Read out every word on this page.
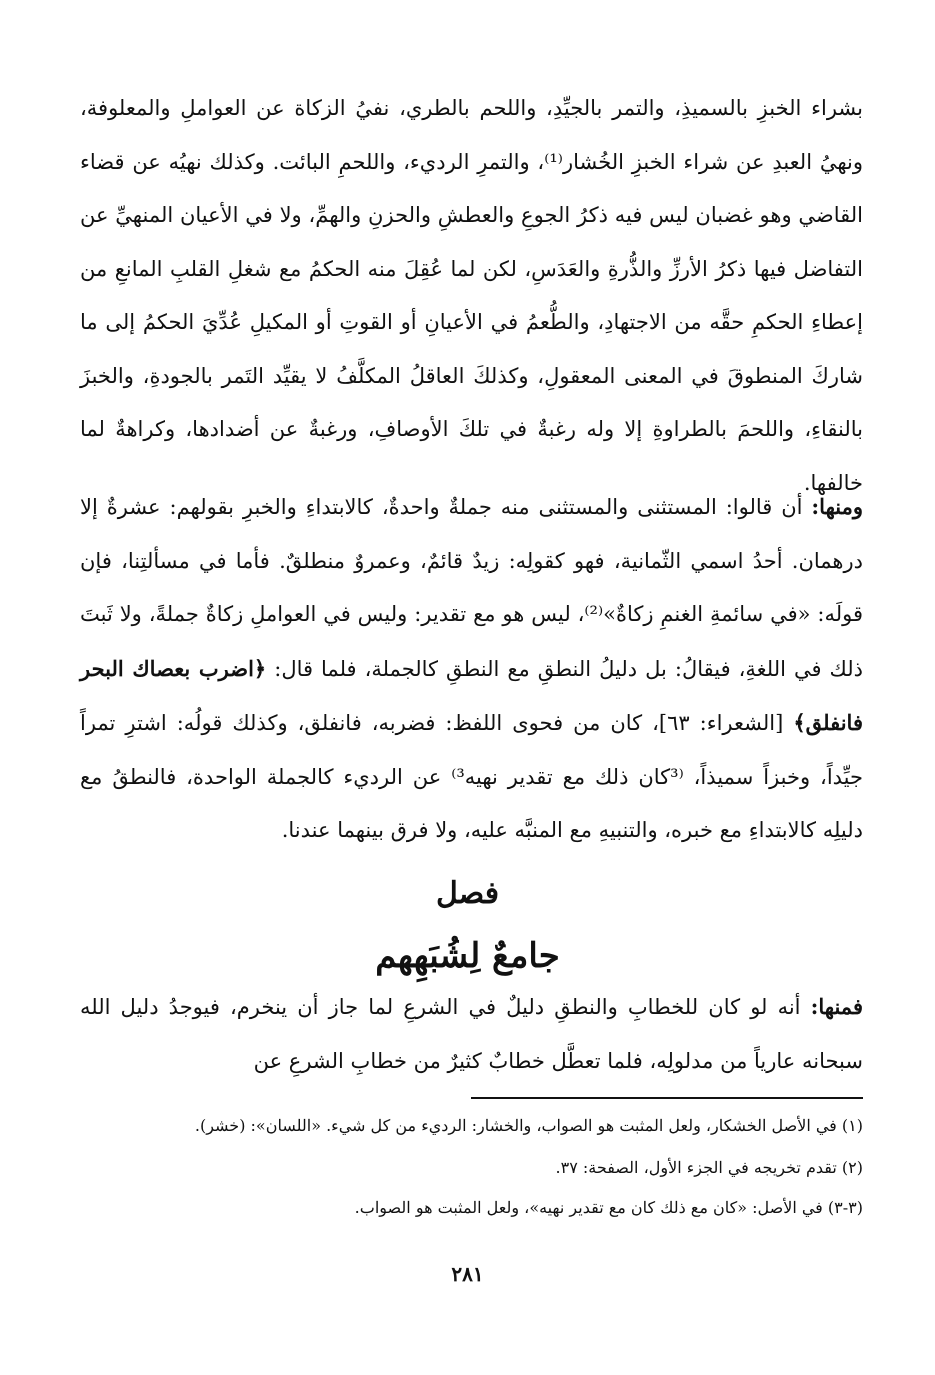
بشراء الخبزِ بالسميذِ، والتمر بالجيِّدِ، واللحم بالطري، نفيُ الزكاة عن العواملِ والمعلوفة، ونهيُ العبدِ عن شراء الخبزِ الخُشار⁽¹⁾، والتمرِ الرديء، واللحمِ البائت. وكذلك نهيُه عن قضاء القاضي وهو غضبان ليس فيه ذكرُ الجوعِ والعطشِ والحزنِ والهمِّ، ولا في الأعيان المنهيِّ عن التفاضل فيها ذكرُ الأرزِّ والذُّرةِ والعَدَسِ، لكن لما عُقِلَ منه الحكمُ مع شغلِ القلبِ المانعِ من إعطاءِ الحكمِ حقَّه من الاجتهادِ، والطُّعمُ في الأعيانِ أو القوتِ أو المكيلِ عُدِّيَ الحكمُ إلى ما شاركَ المنطوقَ في المعنى المعقولِ، وكذلكَ العاقلُ المكلَّفُ لا يقيِّد التَمر بالجودةِ، والخبزَ بالنقاءِ، واللحمَ بالطراوةِ إلا وله رغبةٌ في تلكَ الأوصافِ، ورغبةٌ عن أضدادها، وكراهةٌ لما خالفها.

ومنها: أن قالوا: المستثنى والمستثنى منه جملةٌ واحدةٌ، كالابتداءِ والخبرِ بقولهم: عشرةٌ إلا درهمان. أحدُ اسمي الثّمانية، فهو كقولِه: زيدٌ قائمٌ، وعمروٌ منطلقٌ. فأما في مسألتِنا، فإن قولَه: «في سائمةِ الغنمِ زكاةٌ»⁽²⁾، ليس هو مع تقدير: وليس في العواملِ زكاةٌ جملةً، ولا ثَبتَ ذلك في اللغةِ، فيقالُ: بل دليلُ النطقِ مع النطقِ كالجملة، فلما قال: ﴿اضرب بعصاك البحر فانفلق﴾ [الشعراء: ٦٣]، كان من فحوى اللفظ: فضربه، فانفلق، وكذلك قولُه: اشترِ تمراً جيِّداً، وخبزاً سميذاً، ⁽³كان ذلك مع تقدير نهيه³⁾ عن الرديء كالجملة الواحدة، فالنطقُ مع دليلِه كالابتداءِ مع خبره، والتنبيهِ مع المنبَّه عليه، ولا فرق بينهما عندنا.

فصل
جامعٌ لِشُبَهِهم

فمنها: أنه لو كان للخطابِ والنطقِ دليلٌ في الشرعِ لما جاز أن ينخرم، فيوجدُ دليل الله سبحانه عارياً من مدلولِه، فلما تعطَّل خطابٌ كثيرٌ من خطابِ الشرعِ عن

(١) في الأصل الخشكار، ولعل المثبت هو الصواب، والخشار: الرديء من كل شيء. «اللسان»: (خشر).

(٢) تقدم تخريجه في الجزء الأول، الصفحة: ٣٧.

(٣-٣) في الأصل: «كان مع ذلك كان مع تقدير نهيه»، ولعل المثبت هو الصواب.

٢٨١
